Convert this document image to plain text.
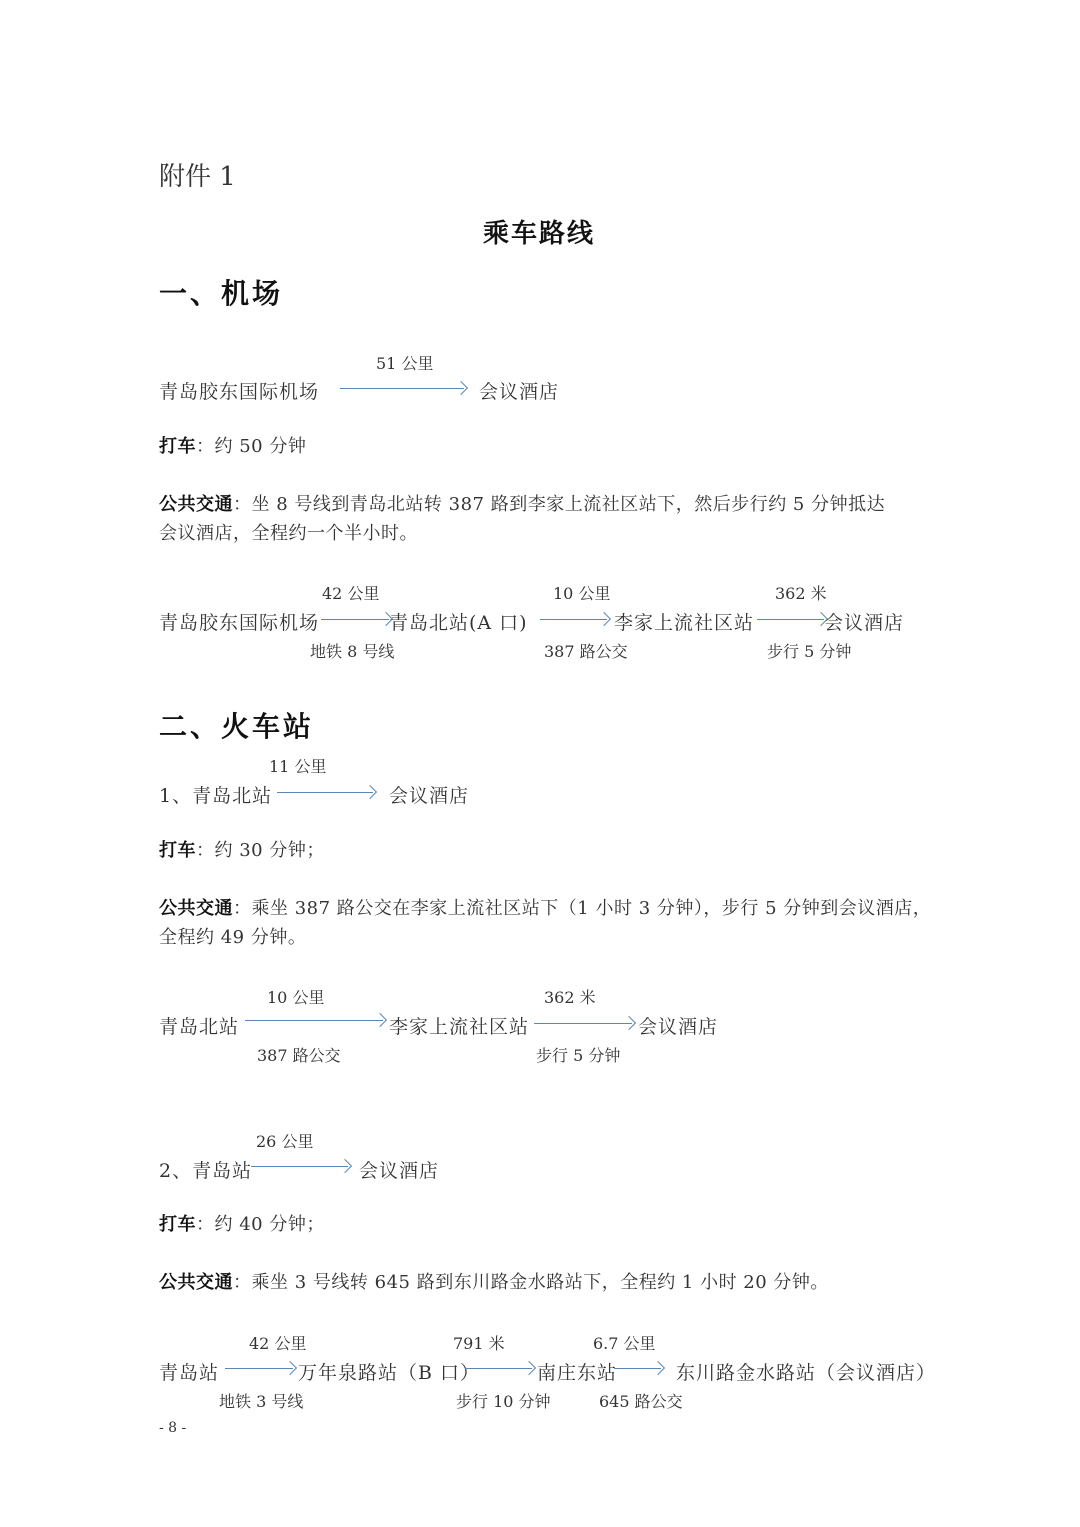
附件 1
乘车路线
一、机场
51 公里
青岛胶东国际机场	会议酒店
打车：约 50 分钟
公共交通：坐 8 号线到青岛北站转 387 路到李家上流社区站下，然后步行约 5 分钟抵达
会议酒店，全程约一个半小时。
42 公里	10 公里	362 米
青岛胶东国际机场	青岛北站(A 口)	李家上流社区站	会议酒店
地铁 8 号线	387 路公交	步行 5 分钟
二、火车站
11 公里
1、青岛北站	会议酒店
打车：约 30 分钟；
公共交通：乘坐 387 路公交在李家上流社区站下（1 小时 3 分钟），步行 5 分钟到会议酒店，
全程约 49 分钟。
10 公里	362 米
青岛北站	李家上流社区站	会议酒店
387 路公交	步行 5 分钟
26 公里
2、青岛站	会议酒店
打车：约 40 分钟；
公共交通：乘坐 3 号线转 645 路到东川路金水路站下，全程约 1 小时 20 分钟。
42 公里	791 米	6.7 公里
青岛站	万年泉路站（B 口）	南庄东站	东川路金水路站（会议酒店）
地铁 3 号线	步行 10 分钟	645 路公交
- 8 -
